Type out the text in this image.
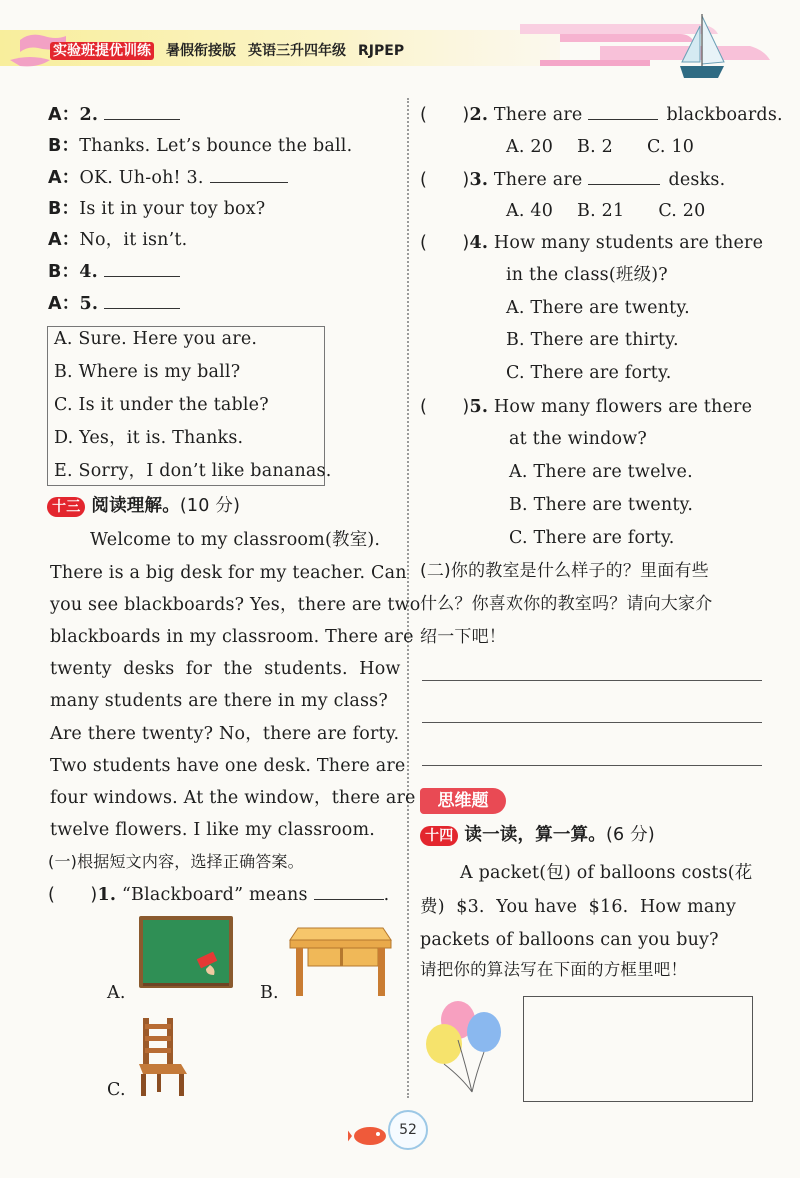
实验班提优训练 暑假衔接版 英语三升四年级 RJPEP
A：2.
B：Thanks. Let’s bounce the ball.
A：OK. Uh-oh! 3.
B：Is it in your toy box?
A：No，it isn’t.
B：4.
A：5.
A. Sure. Here you are.
B. Where is my ball?
C. Is it under the table?
D. Yes，it is. Thanks.
E. Sorry，I don’t like bananas.
十三 阅读理解。(10 分)
Welcome to my classroom(教室).
There is a big desk for my teacher. Can
you see blackboards? Yes，there are two
blackboards in my classroom. There are
twenty  desks  for  the  students.  How
many students are there in my class?
Are there twenty? No，there are forty.
Two students have one desk. There are
four windows. At the window，there are
twelve flowers. I like my classroom.
(一)根据短文内容，选择正确答案。
(　　)1. “Blackboard” means	.
A.	B.
C.
(　　)2. There are	blackboards.
A. 20 B. 2 C. 10
(　　)3. There are	desks.
A. 40 B. 21 C. 20
(　　)4. How many students are there
in the class(班级)?
A. There are twenty.
B. There are thirty.
C. There are forty.
(　　)5. How many flowers are there
at the window?
A. There are twelve.
B. There are twenty.
C. There are forty.
(二)你的教室是什么样子的？里面有些
什么？你喜欢你的教室吗？请向大家介
绍一下吧！
思维题
十四 读一读，算一算。(6 分)
A packet(包) of balloons costs(花
费)  $3.  You have  $16.  How many
packets of balloons can you buy?
请把你的算法写在下面的方框里吧！
52
